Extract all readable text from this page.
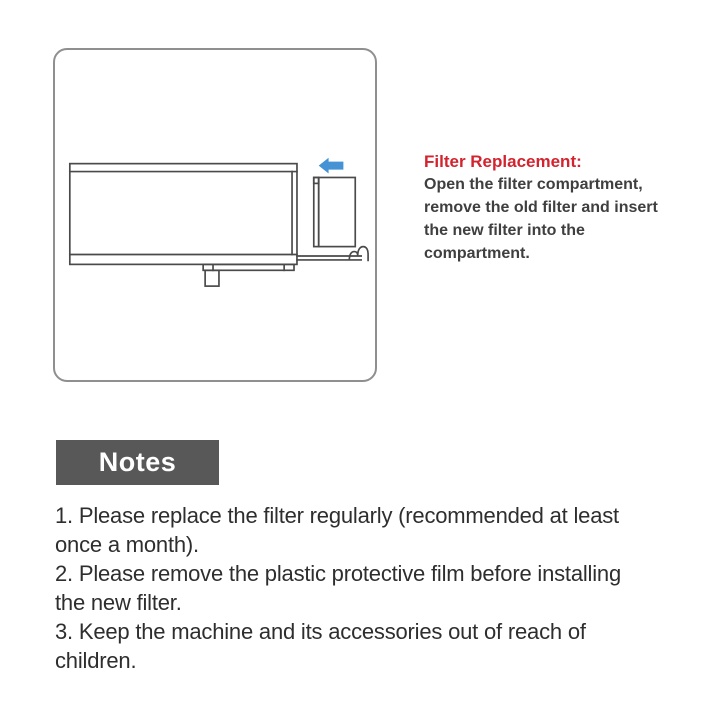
Filter Replacement:
Open the filter compartment,
remove the old filter and insert
the new filter into the
compartment.
Notes
1. Please replace the filter regularly (recommended at least
once a month).
2. Please remove the plastic protective film before installing
the new filter.
3. Keep the machine and its accessories out of reach of
children.
